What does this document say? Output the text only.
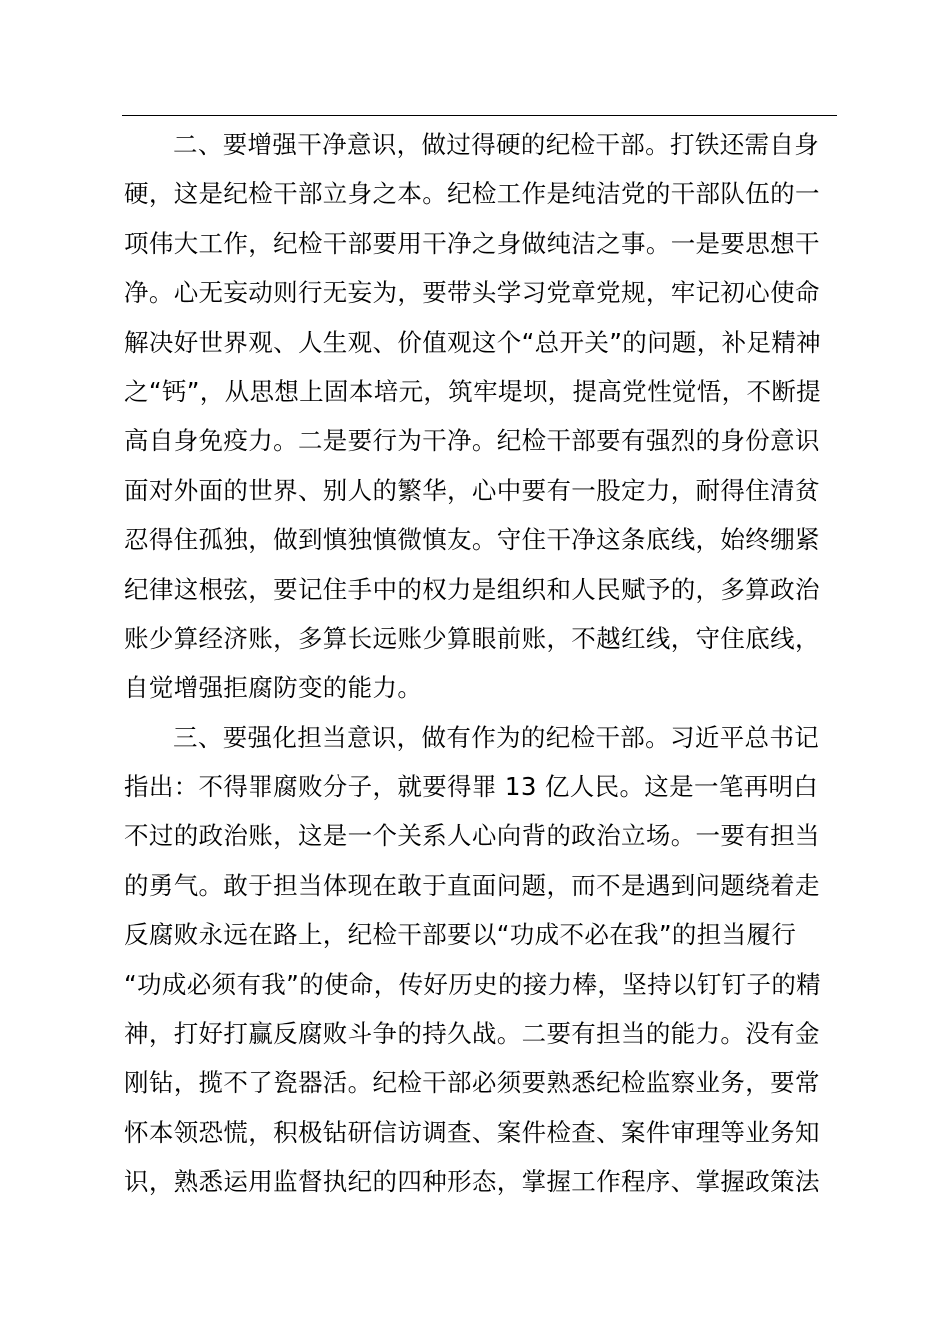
二、要增强干净意识，做过得硬的纪检干部。打铁还需自身
硬，这是纪检干部立身之本。纪检工作是纯洁党的干部队伍的一
项伟大工作，纪检干部要用干净之身做纯洁之事。一是要思想干
净。心无妄动则行无妄为，要带头学习党章党规，牢记初心使命
解决好世界观、人生观、价值观这个“总开关”的问题，补足精神
之“钙”，从思想上固本培元，筑牢堤坝，提高党性觉悟，不断提
高自身免疫力。二是要行为干净。纪检干部要有强烈的身份意识
面对外面的世界、别人的繁华，心中要有一股定力，耐得住清贫
忍得住孤独，做到慎独慎微慎友。守住干净这条底线，始终绷紧
纪律这根弦，要记住手中的权力是组织和人民赋予的，多算政治
账少算经济账，多算长远账少算眼前账，不越红线，守住底线，
自觉增强拒腐防变的能力。
三、要强化担当意识，做有作为的纪检干部。习近平总书记
指出：不得罪腐败分子，就要得罪 13 亿人民。这是一笔再明白
不过的政治账，这是一个关系人心向背的政治立场。一要有担当
的勇气。敢于担当体现在敢于直面问题，而不是遇到问题绕着走
反腐败永远在路上，纪检干部要以“功成不必在我”的担当履行
“功成必须有我”的使命，传好历史的接力棒，坚持以钉钉子的精
神，打好打赢反腐败斗争的持久战。二要有担当的能力。没有金
刚钻，揽不了瓷器活。纪检干部必须要熟悉纪检监察业务，要常
怀本领恐慌，积极钻研信访调查、案件检查、案件审理等业务知
识，熟悉运用监督执纪的四种形态，掌握工作程序、掌握政策法
